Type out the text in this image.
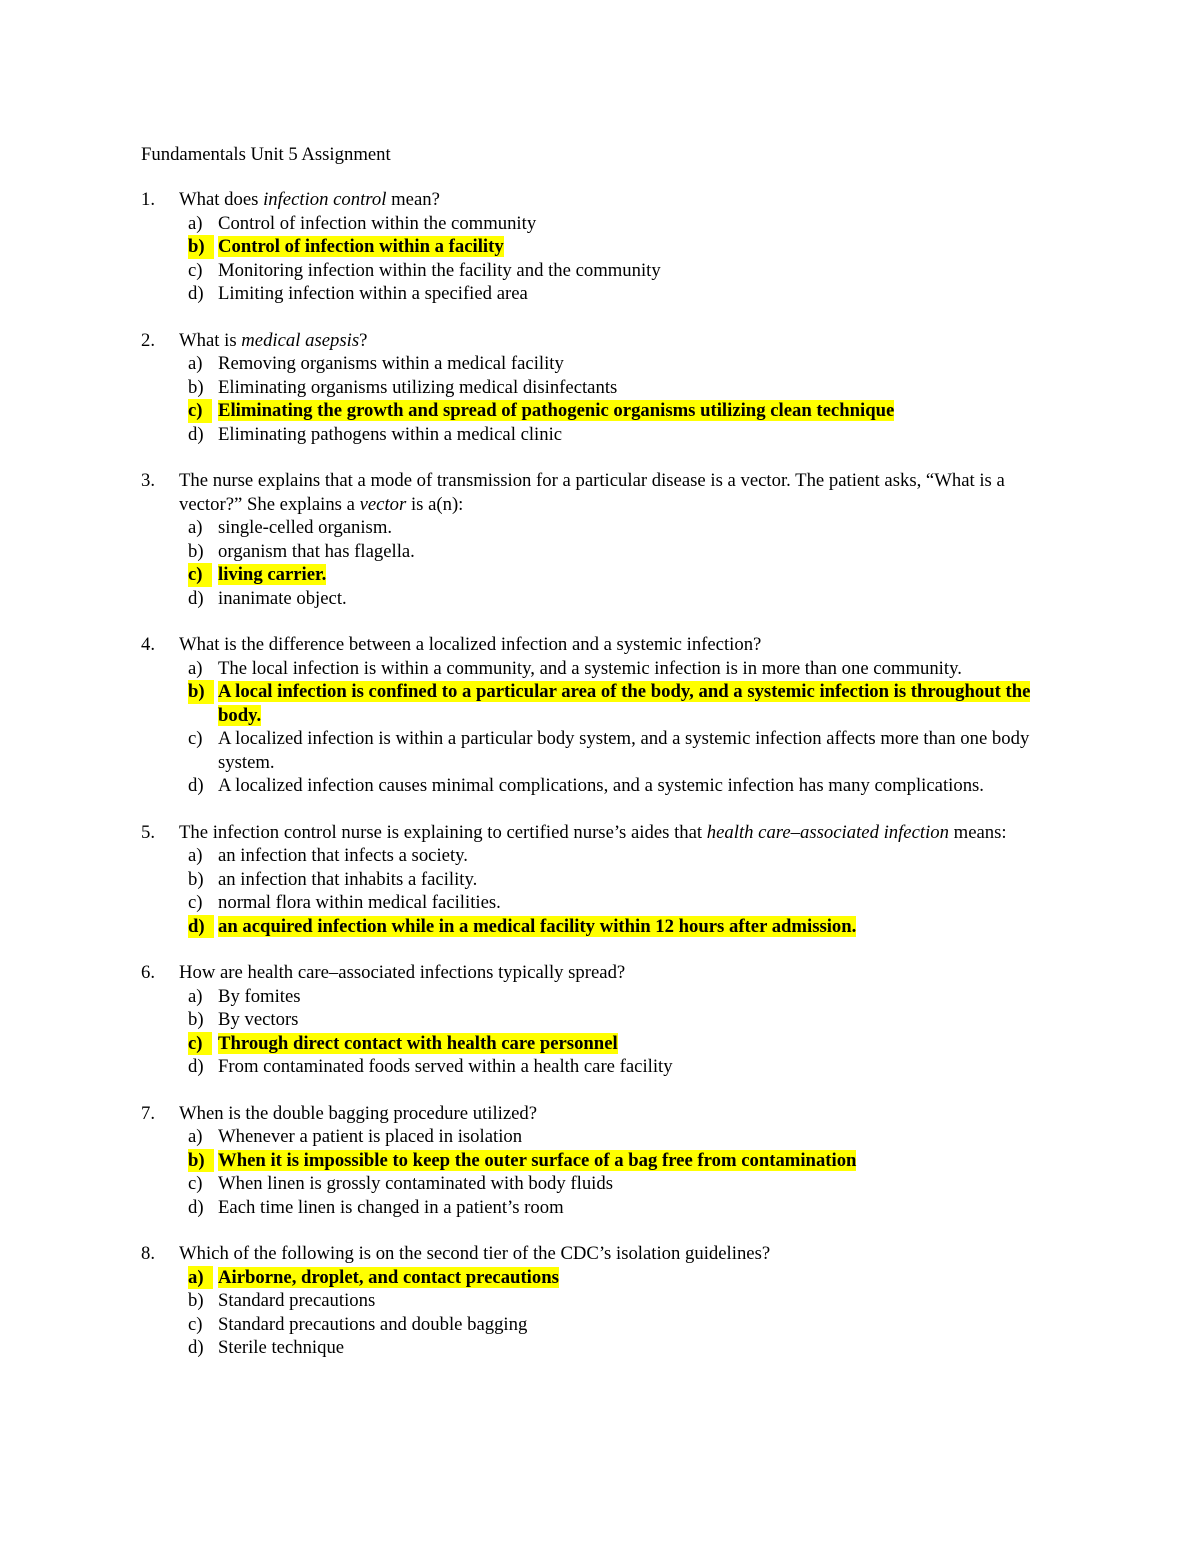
Fundamentals Unit 5 Assignment
1.	What does infection control mean?
a) Control of infection within the community
b) Control of infection within a facility
c) Monitoring infection within the facility and the community
d) Limiting infection within a specified area
2.	What is medical asepsis?
a) Removing organisms within a medical facility
b) Eliminating organisms utilizing medical disinfectants
c) Eliminating the growth and spread of pathogenic organisms utilizing clean technique
d) Eliminating pathogens within a medical clinic
3.	The nurse explains that a mode of transmission for a particular disease is a vector. The patient asks, “What is a vector?” She explains a vector is a(n):
a) single-celled organism.
b) organism that has flagella.
c) living carrier.
d) inanimate object.
4.	What is the difference between a localized infection and a systemic infection?
a) The local infection is within a community, and a systemic infection is in more than one community.
b) A local infection is confined to a particular area of the body, and a systemic infection is throughout the body.
c) A localized infection is within a particular body system, and a systemic infection affects more than one body system.
d) A localized infection causes minimal complications, and a systemic infection has many complications.
5.	The infection control nurse is explaining to certified nurse’s aides that health care–associated infection means:
a) an infection that infects a society.
b) an infection that inhabits a facility.
c) normal flora within medical facilities.
d) an acquired infection while in a medical facility within 12 hours after admission.
6.	How are health care–associated infections typically spread?
a) By fomites
b) By vectors
c) Through direct contact with health care personnel
d) From contaminated foods served within a health care facility
7.	When is the double bagging procedure utilized?
a) Whenever a patient is placed in isolation
b) When it is impossible to keep the outer surface of a bag free from contamination
c) When linen is grossly contaminated with body fluids
d) Each time linen is changed in a patient’s room
8.	Which of the following is on the second tier of the CDC’s isolation guidelines?
a) Airborne, droplet, and contact precautions
b) Standard precautions
c) Standard precautions and double bagging
d) Sterile technique
